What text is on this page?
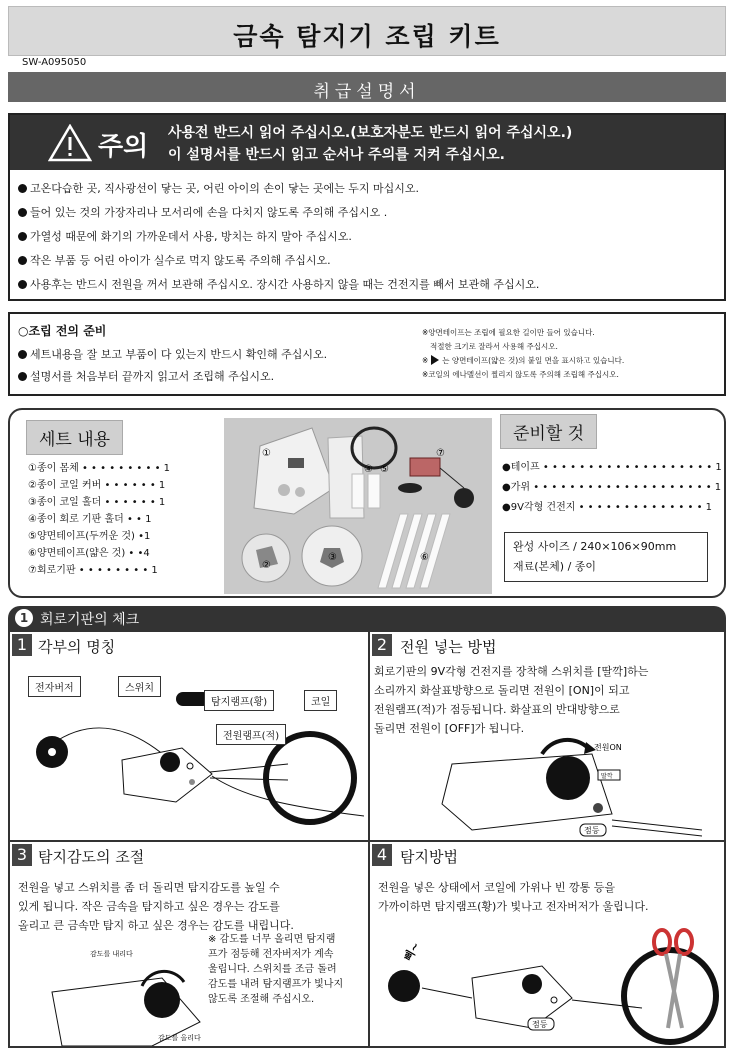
금속 탐지기 조립 키트
SW-A095050
취급설명서
주의 사용전 반드시 읽어 주십시오.(보호자분도 반드시 읽어 주십시오.)
이 설명서를 반드시 읽고 순서나 주의를 지켜 주십시오.
고온다습한 곳, 직사광선이 닿는 곳, 어린 아이의 손이 닿는 곳에는 두지 마십시오.
들어 있는 것의 가장자리나 모서리에 손을 다치지 않도록 주의해 주십시오 .
가열성 때문에 화기의 가까운데서 사용, 방치는 하지 말아 주십시오.
작은 부품 등 어린 아이가 실수로 먹지 않도록 주의해 주십시오.
사용후는 반드시 전원을 꺼서 보관해 주십시오. 장시간 사용하지 않을 때는 건전지를 빼서 보관해 주십시오.
○조립 전의 준비
세트내용을 잘 보고 부품이 다 있는지 반드시 확인해 주십시오.
설명서를 처음부터 끝까지 읽고서 조립해 주십시오.
※양면테이프는 조립에 필요한 길이만 들어 있습니다.
적절한 크기로 잘라서 사용해 주십시오.
※ 는 양면테이프(얇은 것)의 붙일 면을 표시하고 있습니다.
※코일의 에나멜선이 찔리지 않도록 주의해 조립해 주십시오.
세트 내용
①종이 몸체 • • • • • • • • • 1
②종이 코일 커버 • • • • • • 1
③종이 코일 홀더 • • • • • • 1
④종이 회로 기판 홀더 • • 1
⑤양면테이프(두꺼운 것) •1
⑥양면테이프(얇은 것) • •4
⑦회로기판 • • • • • • • • 1
①
②
③
④ ⑤
⑥
⑦
준비할 것
●테이프 • • • • • • • • • • • • • • • • • • • 1
●가위 • • • • • • • • • • • • • • • • • • • • 1
●9V각형 건전지 • • • • • • • • • • • • • • 1
완성 사이즈 / 240×106×90mm
재료(본체) / 종이
1 회로기판의 체크
1 각부의 명칭
전자버저	스위치
탐지램프(황)	코일
전원램프(적)
2 전원 넣는 방법
회로기판의 9V각형 건전지를 장착해 스위치를 [딸깍]하는
소리까지 화살표방향으로 돌리면 전원이 [ON]이 되고
전원램프(적)가 점등됩니다. 화살표의 반대방향으로
돌리면 전원이 [OFF]가 됩니다.
딸깍
전원ON
점등
3 탐지감도의 조절
전원을 넣고 스위치를 좀 더 돌리면 탐지감도를 높일 수
있게 됩니다. 작은 금속을 탐지하고 싶은 경우는 감도를
올리고 큰 금속만 탐지 하고 싶은 경우는 감도를 내립니다.
※ 감도를 너무 올리면 탐지램
프가 점등해 전자버저가 계속
울립니다. 스위치를 조금 돌려
감도를 내려 탐지램프가 빛나지
않도록 조절해 주십시오.
감도를 내리다
감도를 올리다
4 탐지방법
전원을 넣은 상태에서 코일에 가위나 빈 깡통 등을
가까이하면 탐지램프(황)가 빛나고 전자버저가 울립니다.
삐~
점등
